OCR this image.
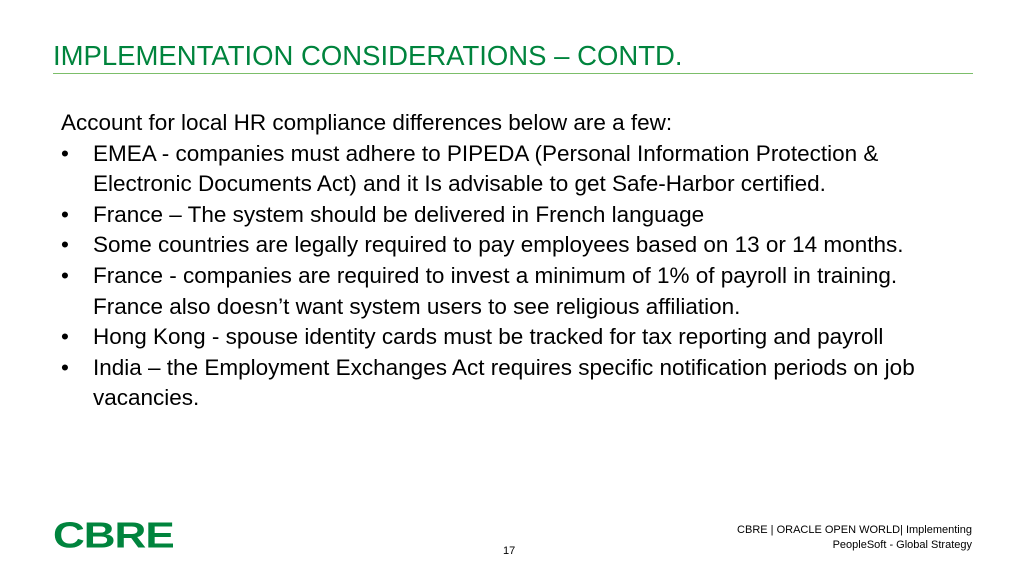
IMPLEMENTATION CONSIDERATIONS – CONTD.

Account for local HR compliance differences below are a few:

• EMEA - companies must adhere to PIPEDA (Personal Information Protection & Electronic Documents Act) and it Is advisable to get Safe-Harbor certified.
• France – The system should be delivered in French language
• Some countries are legally required to pay employees based on 13 or 14 months.
• France - companies are required to invest a minimum of 1% of payroll in training. France also doesn’t want system users to see religious affiliation.
• Hong Kong - spouse identity cards must be tracked for tax reporting and payroll
• India – the Employment Exchanges Act requires specific notification periods on job vacancies.
CBRE	17
CBRE | ORACLE OPEN WORLD| Implementing
PeopleSoft - Global Strategy
